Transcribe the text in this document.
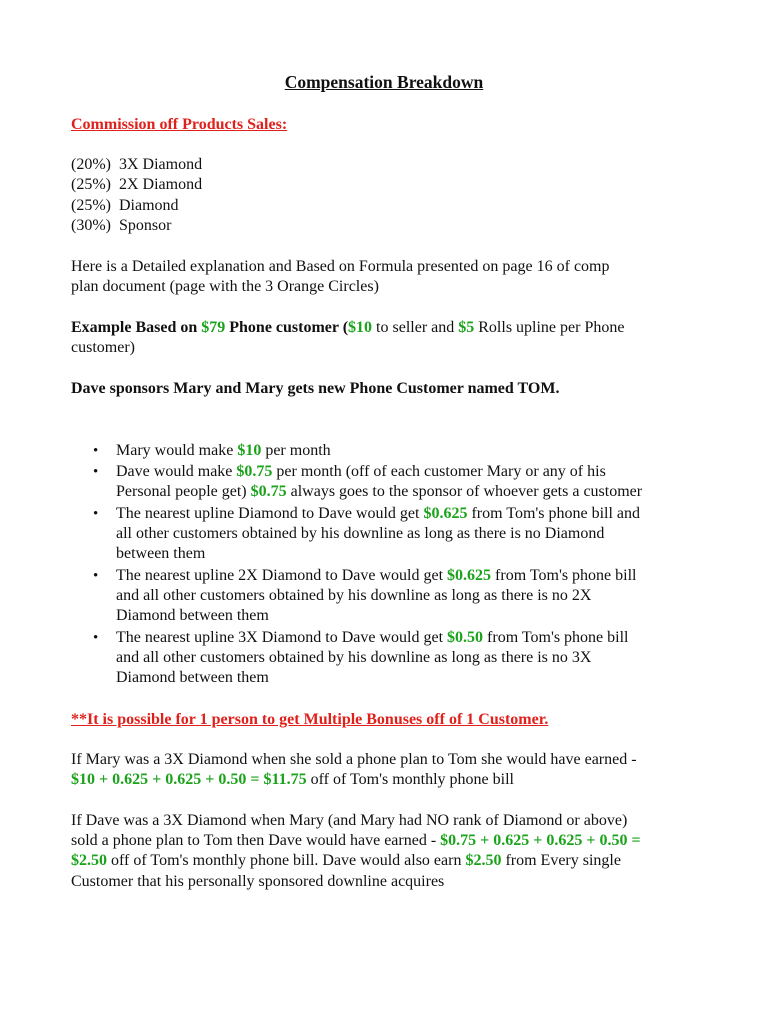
Compensation Breakdown
Commission off Products Sales:
(20%)  3X Diamond
(25%)  2X Diamond
(25%)  Diamond
(30%)  Sponsor
Here is a Detailed explanation and Based on Formula presented on page 16 of comp
plan document (page with the 3 Orange Circles)
Example Based on $79 Phone customer ($10 to seller and $5 Rolls upline per Phone
customer)
Dave sponsors Mary and Mary gets new Phone Customer named TOM.
• Mary would make $10 per month
• Dave would make $0.75 per month (off of each customer Mary or any of his
Personal people get) $0.75 always goes to the sponsor of whoever gets a customer
• The nearest upline Diamond to Dave would get $0.625 from Tom's phone bill and
all other customers obtained by his downline as long as there is no Diamond
between them
• The nearest upline 2X Diamond to Dave would get $0.625 from Tom's phone bill
and all other customers obtained by his downline as long as there is no 2X
Diamond between them
• The nearest upline 3X Diamond to Dave would get $0.50 from Tom's phone bill
and all other customers obtained by his downline as long as there is no 3X
Diamond between them
**It is possible for 1 person to get Multiple Bonuses off of 1 Customer.
If Mary was a 3X Diamond when she sold a phone plan to Tom she would have earned -
$10 + 0.625 + 0.625 + 0.50 = $11.75 off of Tom's monthly phone bill
If Dave was a 3X Diamond when Mary (and Mary had NO rank of Diamond or above)
sold a phone plan to Tom then Dave would have earned - $0.75 + 0.625 + 0.625 + 0.50 =
$2.50 off of Tom's monthly phone bill. Dave would also earn $2.50 from Every single
Customer that his personally sponsored downline acquires
